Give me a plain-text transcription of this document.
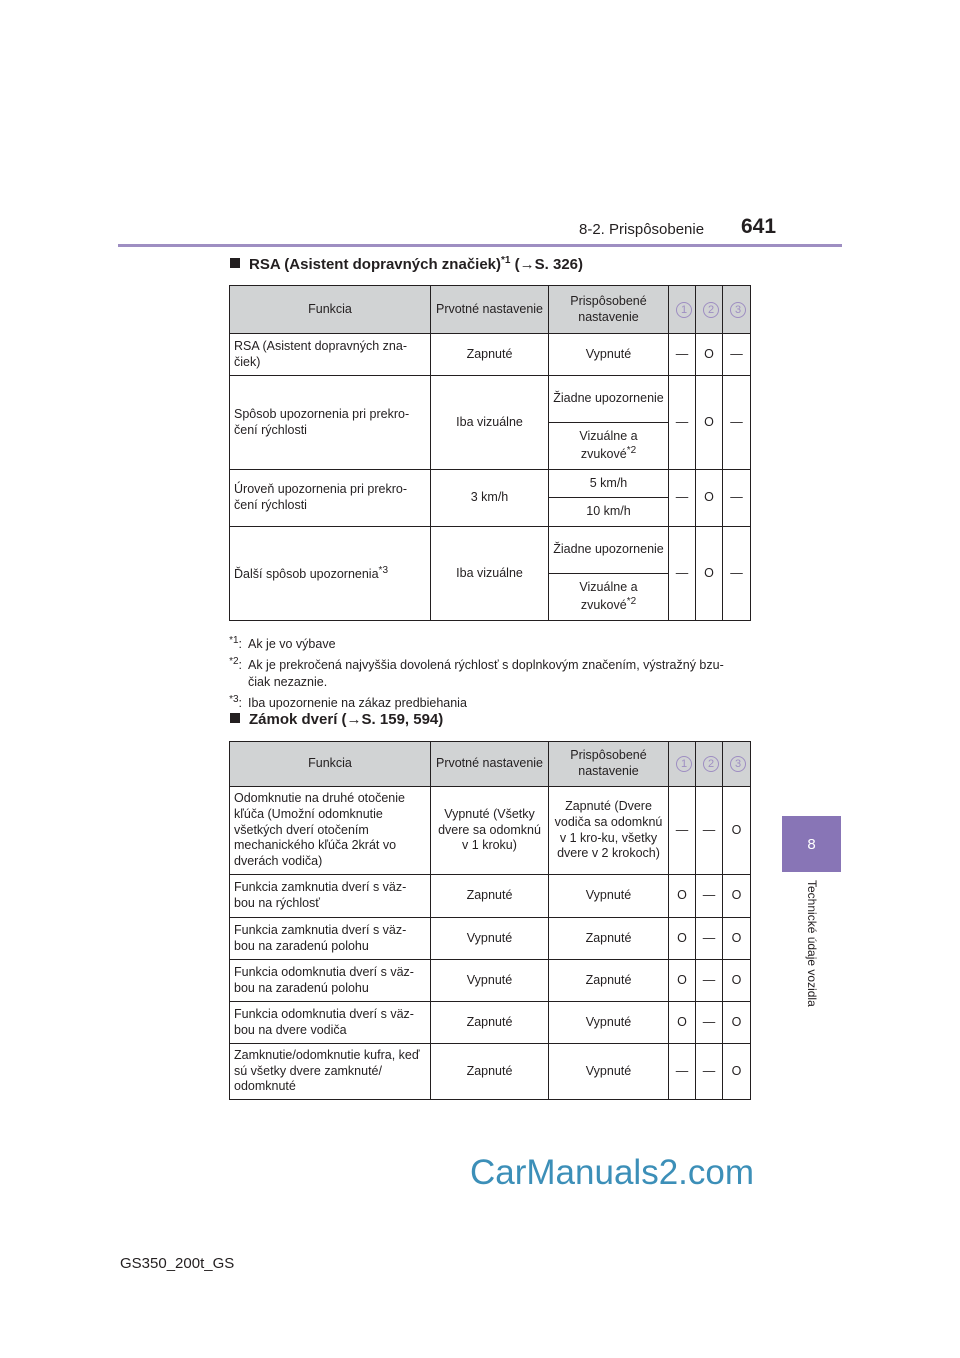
8-2. Prispôsobenie 641
8
Technické údaje vozidla
RSA (Asistent dopravných značiek)$^{*1}$ (→S. 326)
Funkcia	Prvotné nastavenie	Prispôsobené nastavenie	1	2	3
RSA (Asistent dopravných zna-čiek)	Zapnuté	Vypnuté	—	O	—
Spôsob upozornenia pri prekro-čení rýchlosti	Iba vizuálne	Žiadne upozornenie	—	O	—
		Vizuálne a zvukové$^{*2}$
Úroveň upozornenia pri prekro-čení rýchlosti	3 km/h	5 km/h	—	O	—
		10 km/h			
Ďalší spôsob upozornenia$^{*3}$	Iba vizuálne	Žiadne upozornenie	—	O	—
		Vizuálne a zvukové$^{*2}$
$^{*1}$: Ak je vo výbave
$^{*2}$: Ak je prekročená najvyššia dovolená rýchlosť s doplnkovým značením, výstražný bzu-
čiak nezaznie.
$^{*3}$: Iba upozornenie na zákaz predbiehania
Zámok dverí (→S. 159, 594)
Funkcia	Prvotné nastavenie	Prispôsobené nastavenie	1	2	3
Odomknutie na druhé otočenie kľúča (Umožní odomknutie všetkých dverí otočením mechanického kľúča 2krát vo dverách vodiča)	Vypnuté (Všetky dvere sa odomknú v 1 kroku)	Zapnuté (Dvere vodiča sa odomknú v 1 kro-ku, všetky dvere v 2 krokoch)	—	—	O
Funkcia zamknutia dverí s väz-bou na rýchlosť	Zapnuté	Vypnuté	O	—	O
Funkcia zamknutia dverí s väz-bou na zaradenú polohu	Vypnuté	Zapnuté	O	—	O
Funkcia odomknutia dverí s väz-bou na zaradenú polohu	Vypnuté	Zapnuté	O	—	O
Funkcia odomknutia dverí s väz-bou na dvere vodiča	Zapnuté	Vypnuté	O	—	O
Zamknutie/odomknutie kufra, keď sú všetky dvere zamknuté/ odomknuté	Zapnuté	Vypnuté	—	—	O
CarManuals2.com
GS350_200t_GS
